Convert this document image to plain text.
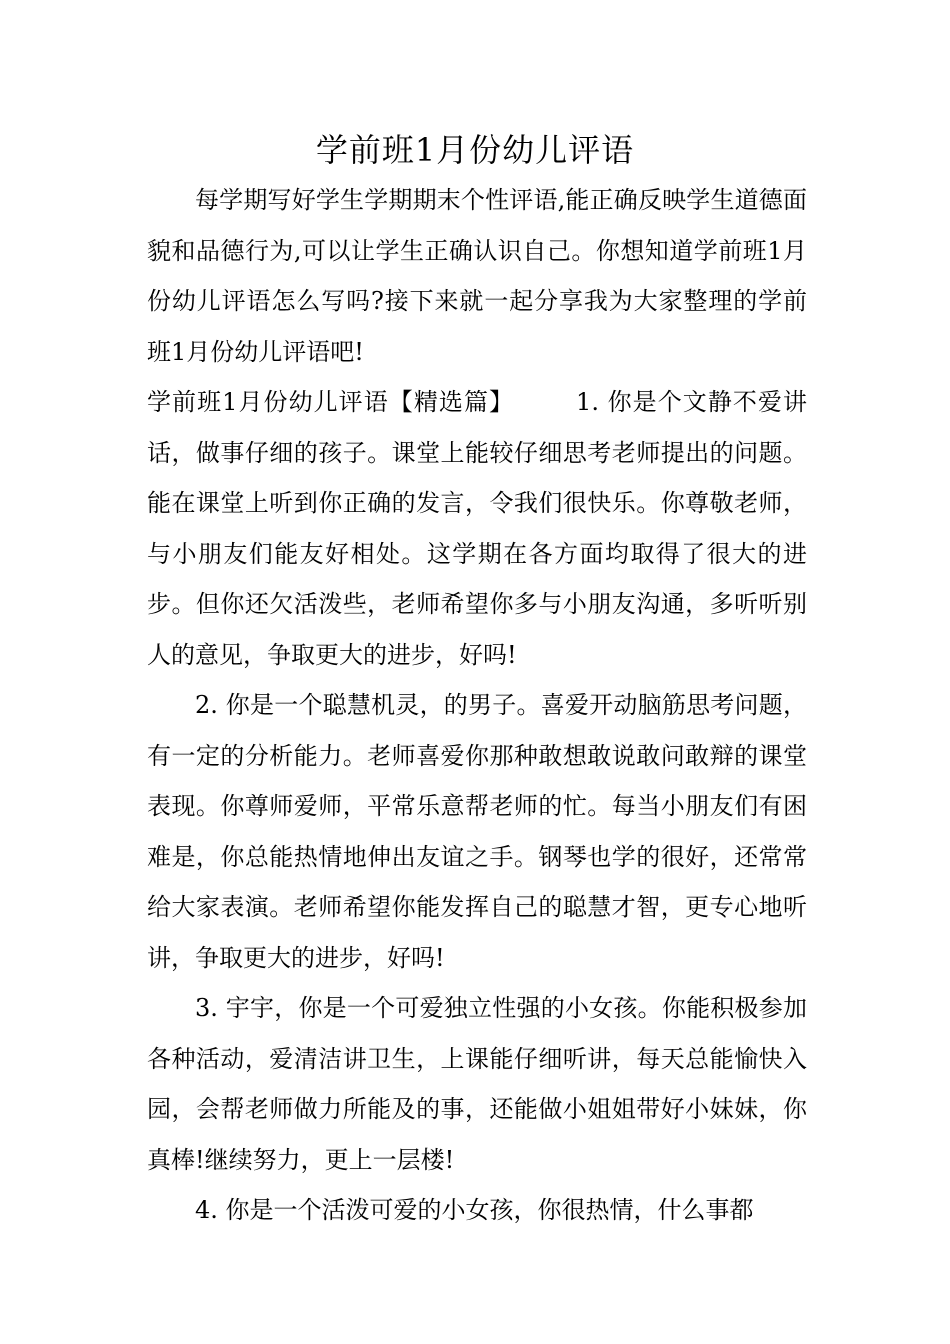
学前班1月份幼儿评语

每学期写好学生学期期末个性评语,能正确反映学生道德面貌和品德行为,可以让学生正确认识自己。你想知道学前班1月份幼儿评语怎么写吗?接下来就一起分享我为大家整理的学前班1月份幼儿评语吧!

学前班1月份幼儿评语【精选篇】	1. 你是个文静不爱讲话，做事仔细的孩子。课堂上能较仔细思考老师提出的问题。能在课堂上听到你正确的发言，令我们很快乐。你尊敬老师，与小朋友们能友好相处。这学期在各方面均取得了很大的进步。但你还欠活泼些，老师希望你多与小朋友沟通，多听听别人的意见，争取更大的进步，好吗!

2. 你是一个聪慧机灵，的男子。喜爱开动脑筋思考问题，有一定的分析能力。老师喜爱你那种敢想敢说敢问敢辩的课堂表现。你尊师爱师，平常乐意帮老师的忙。每当小朋友们有困难是，你总能热情地伸出友谊之手。钢琴也学的很好，还常常给大家表演。老师希望你能发挥自己的聪慧才智，更专心地听讲，争取更大的进步，好吗!

3. 宇宇，你是一个可爱独立性强的小女孩。你能积极参加各种活动，爱清洁讲卫生，上课能仔细听讲，每天总能愉快入园，会帮老师做力所能及的事，还能做小姐姐带好小妹妹，你真棒!继续努力，更上一层楼!

4. 你是一个活泼可爱的小女孩，你很热情，什么事都
